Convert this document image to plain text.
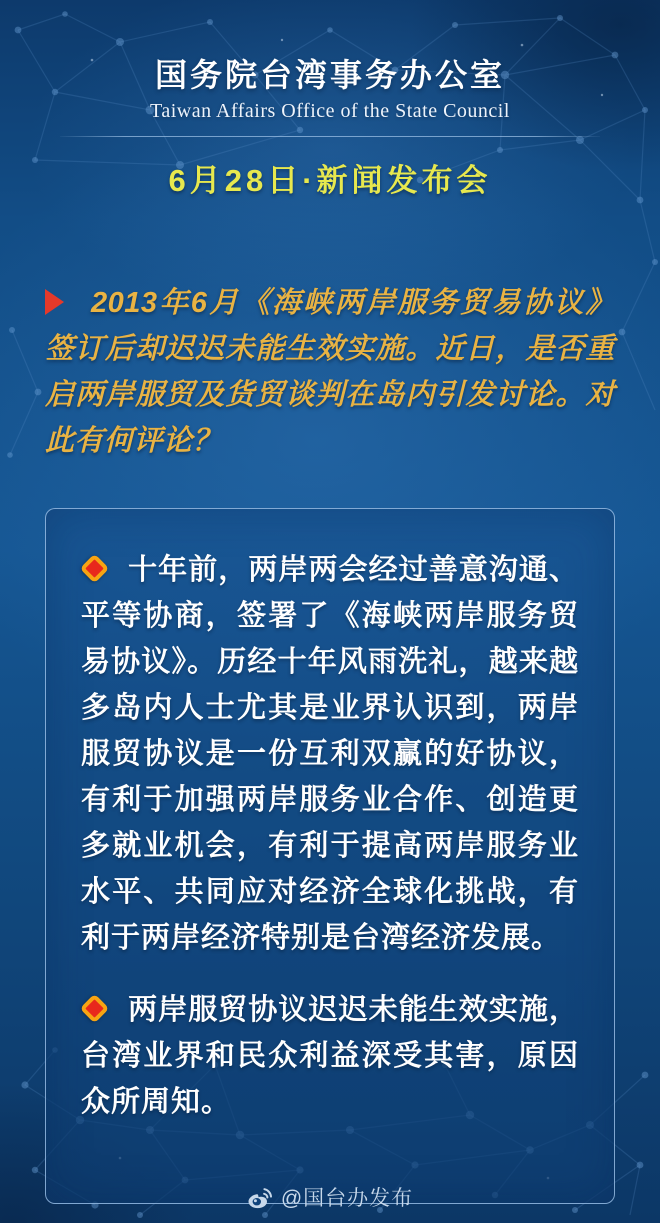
国务院台湾事务办公室
Taiwan Affairs Office of the State Council
6月28日·新闻发布会

2013年6月《海峡两岸服务贸易协议》签订后却迟迟未能生效实施。近日，是否重启两岸服贸及货贸谈判在岛内引发讨论。对此有何评论？

十年前，两岸两会经过善意沟通、平等协商，签署了《海峡两岸服务贸易协议》。历经十年风雨洗礼，越来越多岛内人士尤其是业界认识到，两岸服贸协议是一份互利双赢的好协议，有利于加强两岸服务业合作、创造更多就业机会，有利于提高两岸服务业水平、共同应对经济全球化挑战，有利于两岸经济特别是台湾经济发展。

两岸服贸协议迟迟未能生效实施，台湾业界和民众利益深受其害，原因众所周知。

@国台办发布
